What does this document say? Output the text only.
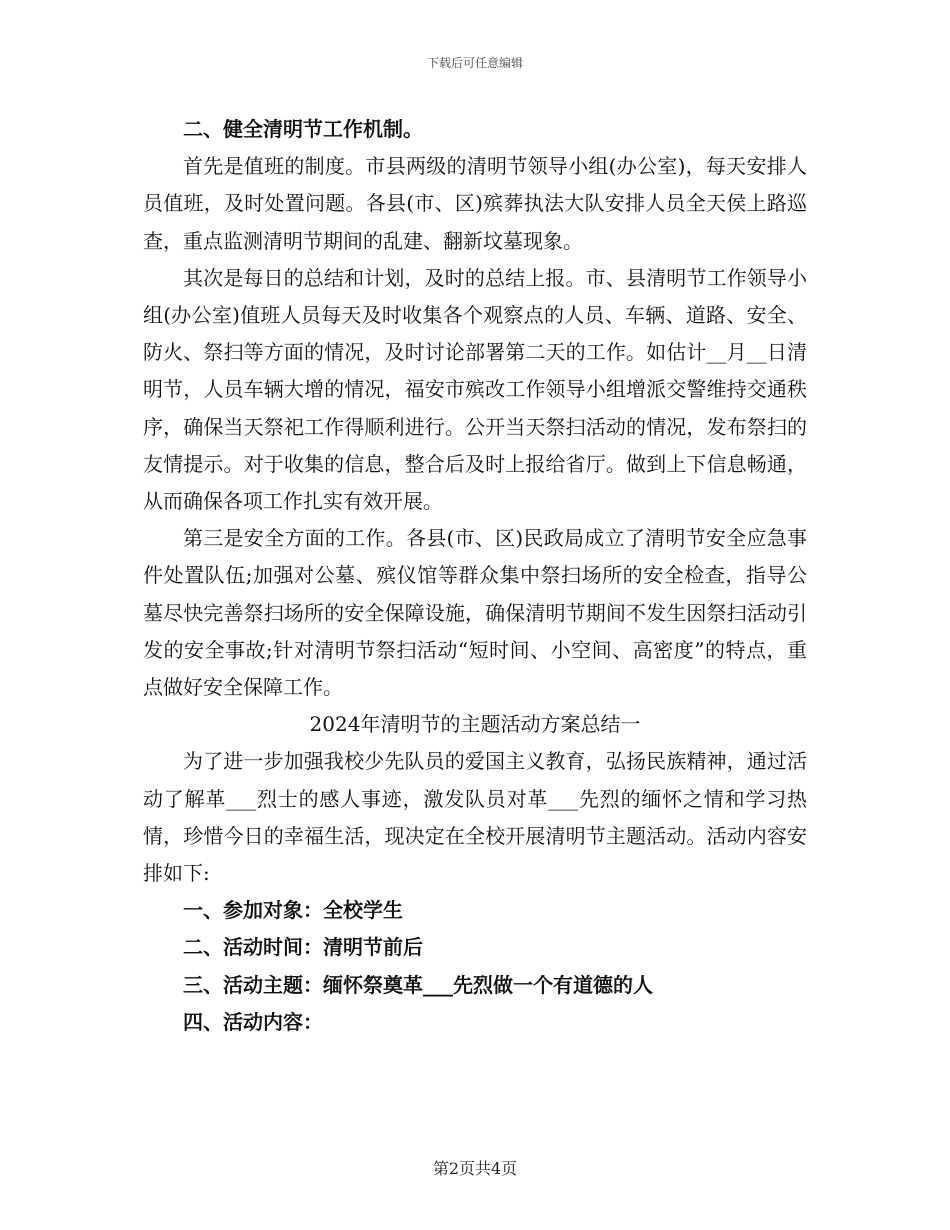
下载后可任意编辑

二、健全清明节工作机制。

首先是值班的制度。市县两级的清明节领导小组(办公室)，每天安排人员值班，及时处置问题。各县(市、区)殡葬执法大队安排人员全天侯上路巡查，重点监测清明节期间的乱建、翻新坟墓现象。

其次是每日的总结和计划，及时的总结上报。市、县清明节工作领导小组(办公室)值班人员每天及时收集各个观察点的人员、车辆、道路、安全、防火、祭扫等方面的情况，及时讨论部署第二天的工作。如估计__月__日清明节，人员车辆大增的情况，福安市殡改工作领导小组增派交警维持交通秩序，确保当天祭祀工作得顺利进行。公开当天祭扫活动的情况，发布祭扫的友情提示。对于收集的信息，整合后及时上报给省厅。做到上下信息畅通，从而确保各项工作扎实有效开展。

第三是安全方面的工作。各县(市、区)民政局成立了清明节安全应急事件处置队伍;加强对公墓、殡仪馆等群众集中祭扫场所的安全检查，指导公墓尽快完善祭扫场所的安全保障设施，确保清明节期间不发生因祭扫活动引发的安全事故;针对清明节祭扫活动“短时间、小空间、高密度”的特点，重点做好安全保障工作。

2024年清明节的主题活动方案总结一

为了进一步加强我校少先队员的爱国主义教育，弘扬民族精神，通过活动了解革___烈士的感人事迹，激发队员对革___先烈的缅怀之情和学习热情，珍惜今日的幸福生活，现决定在全校开展清明节主题活动。活动内容安排如下:

一、参加对象：全校学生

二、活动时间：清明节前后

三、活动主题：缅怀祭奠革___先烈做一个有道德的人

四、活动内容：

第2页共4页
